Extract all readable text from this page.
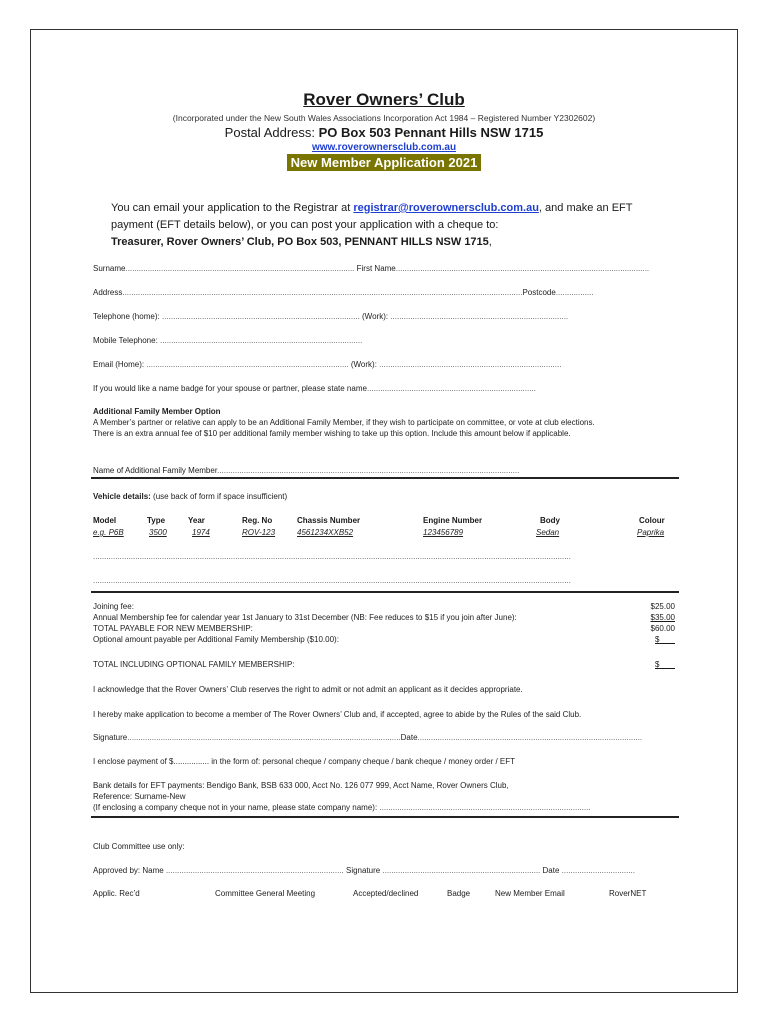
Rover Owners’ Club
(Incorporated under the New South Wales Associations Incorporation Act 1984 – Registered Number Y2302602)
Postal Address: PO Box 503 Pennant Hills NSW 1715
www.roverownersclub.com.au
New Member Application 2021
You can email your application to the Registrar at registrar@roverownersclub.com.au, and make an EFT payment (EFT details below), or you can post your application with a cheque to:
Treasurer, Rover Owners’ Club, PO Box 503, PENNANT HILLS NSW 1715,
Surname....................................................................................................... First Name..................................................................................................................
Address....................................................................................................................................................................................Postcode.................
Telephone (home): ......................................................................................... (Work): ................................................................................
Mobile Telephone: ...........................................................................................
Email (Home): ........................................................................................... (Work): ..................................................................................
If you would like a name badge for your spouse or partner, please state name............................................................................
Additional Family Member Option
A Member’s partner or relative can apply to be an Additional Family Member, if they wish to participate on committee, or vote at club elections.
There is an extra annual fee of $10 per additional family member wishing to take up this option. Include this amount below if applicable.
Name of Additional Family Member........................................................................................................................................
Vehicle details: (use back of form if space insufficient)
Model	Type	Year	Reg. No	Chassis Number	Engine Number	Body	Colour
e.g. P6B	3500	1974	ROV-123	4561234XXB52	123456789	Sedan	Paprika
.......................................................................................................................................................................................................................
.......................................................................................................................................................................................................................
Joining fee:	$25.00
Annual Membership fee for calendar year 1st January to 31st December (NB: Fee reduces to $15 if you join after June):	$35.00
TOTAL PAYABLE FOR NEW MEMBERSHIP:	$60.00
Optional amount payable per Additional Family Membership ($10.00):	$
TOTAL INCLUDING OPTIONAL FAMILY MEMBERSHIP:	$
I acknowledge that the Rover Owners’ Club reserves the right to admit or not admit an applicant as it decides appropriate.
I hereby make application to become a member of The Rover Owners’ Club and, if accepted, agree to abide by the Rules of the said Club.
Signature...........................................................................................................................Date.....................................................................................................
I enclose payment of $................ in the form of: personal cheque / company cheque / bank cheque / money order / EFT
Bank details for EFT payments: Bendigo Bank, BSB 633 000, Acct No. 126 077 999, Acct Name, Rover Owners Club,
Reference: Surname-New
(If enclosing a company cheque not in your name, please state company name): ...............................................................................................
Club Committee use only:
Approved by: Name ................................................................................ Signature ....................................................................... Date .................................
Applic. Rec’d	Committee General Meeting	Accepted/declined	Badge	New Member Email	RoverNET
